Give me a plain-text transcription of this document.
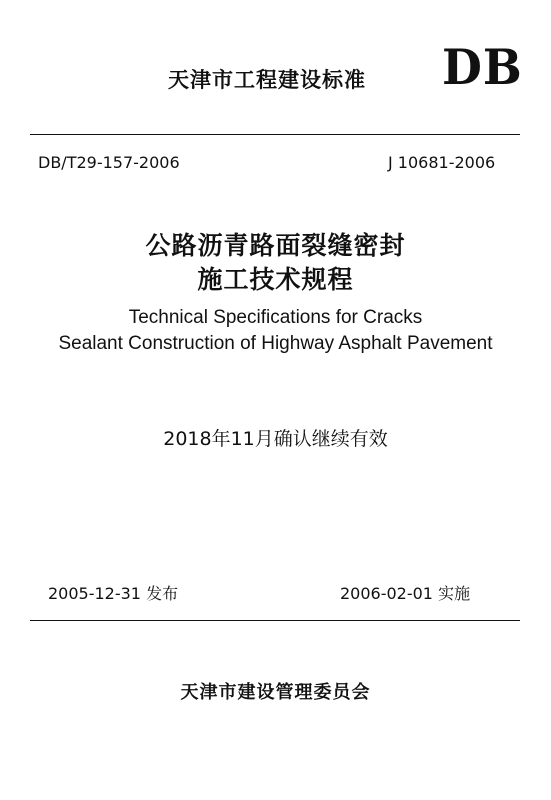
天津市工程建设标准 DB
DB/T29-157-2006	J 10681-2006
公路沥青路面裂缝密封
施工技术规程
Technical Specifications for Cracks
Sealant Construction of Highway Asphalt Pavement
2018年11月确认继续有效
2005-12-31 发布	2006-02-01 实施
天津市建设管理委员会
